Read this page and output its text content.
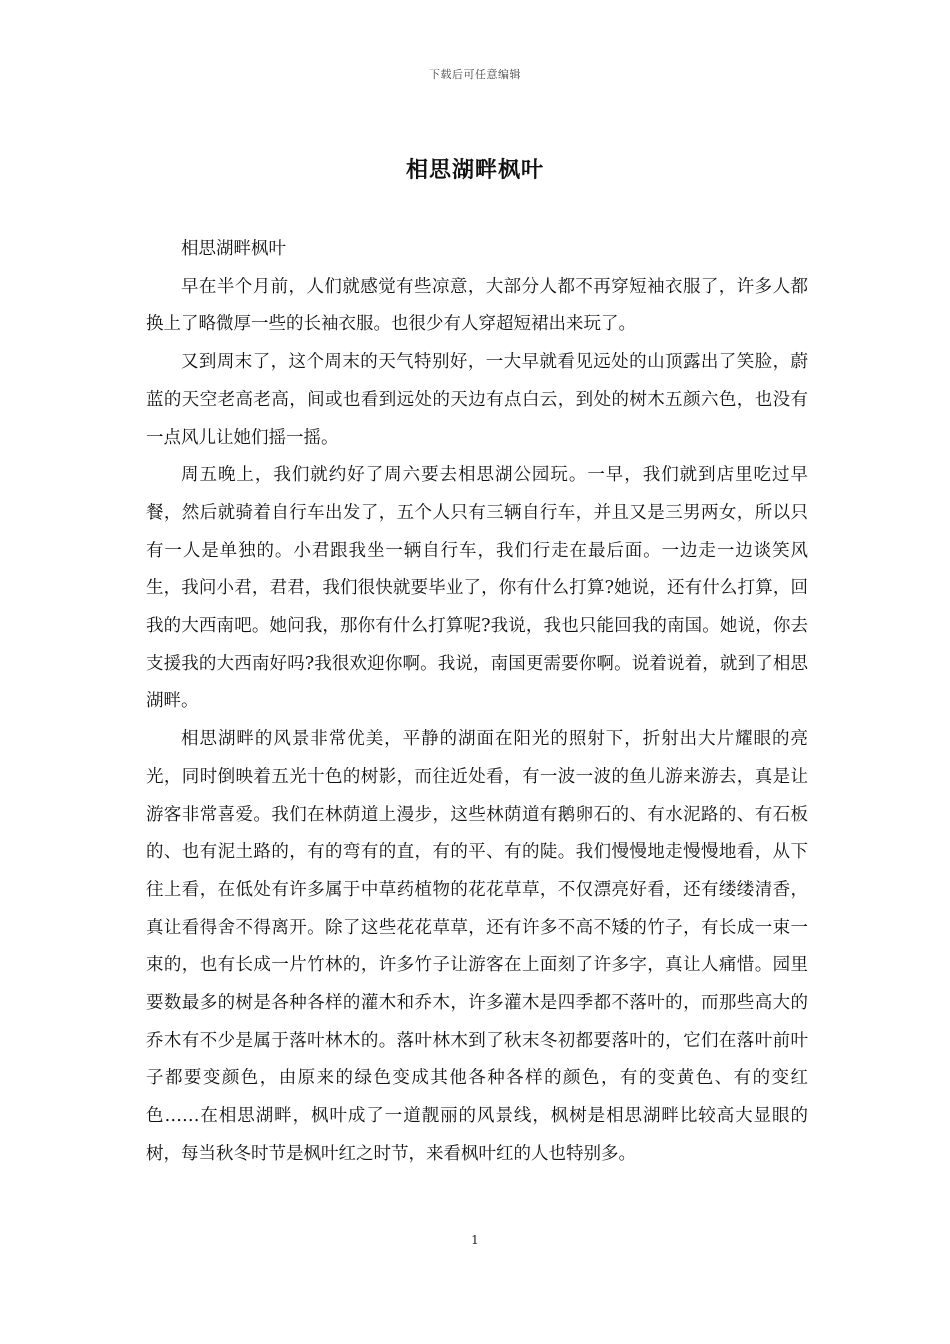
下载后可任意编辑
相思湖畔枫叶

相思湖畔枫叶

早在半个月前，人们就感觉有些凉意，大部分人都不再穿短袖衣服了，许多人都换上了略微厚一些的长袖衣服。也很少有人穿超短裙出来玩了。

又到周末了，这个周末的天气特别好，一大早就看见远处的山顶露出了笑脸，蔚蓝的天空老高老高，间或也看到远处的天边有点白云，到处的树木五颜六色，也没有一点风儿让她们摇一摇。

周五晚上，我们就约好了周六要去相思湖公园玩。一早，我们就到店里吃过早餐，然后就骑着自行车出发了，五个人只有三辆自行车，并且又是三男两女，所以只有一人是单独的。小君跟我坐一辆自行车，我们行走在最后面。一边走一边谈笑风生，我问小君，君君，我们很快就要毕业了，你有什么打算?她说，还有什么打算，回我的大西南吧。她问我，那你有什么打算呢?我说，我也只能回我的南国。她说，你去支援我的大西南好吗?我很欢迎你啊。我说，南国更需要你啊。说着说着，就到了相思湖畔。

相思湖畔的风景非常优美，平静的湖面在阳光的照射下，折射出大片耀眼的亮光，同时倒映着五光十色的树影，而往近处看，有一波一波的鱼儿游来游去，真是让游客非常喜爱。我们在林荫道上漫步，这些林荫道有鹅卵石的、有水泥路的、有石板的、也有泥土路的，有的弯有的直，有的平、有的陡。我们慢慢地走慢慢地看，从下往上看，在低处有许多属于中草药植物的花花草草，不仅漂亮好看，还有缕缕清香，真让看得舍不得离开。除了这些花花草草，还有许多不高不矮的竹子，有长成一束一束的，也有长成一片竹林的，许多竹子让游客在上面刻了许多字，真让人痛惜。园里要数最多的树是各种各样的灌木和乔木，许多灌木是四季都不落叶的，而那些高大的乔木有不少是属于落叶林木的。落叶林木到了秋末冬初都要落叶的，它们在落叶前叶子都要变颜色，由原来的绿色变成其他各种各样的颜色，有的变黄色、有的变红色……在相思湖畔，枫叶成了一道靓丽的风景线，枫树是相思湖畔比较高大显眼的树，每当秋冬时节是枫叶红之时节，来看枫叶红的人也特别多。

1
